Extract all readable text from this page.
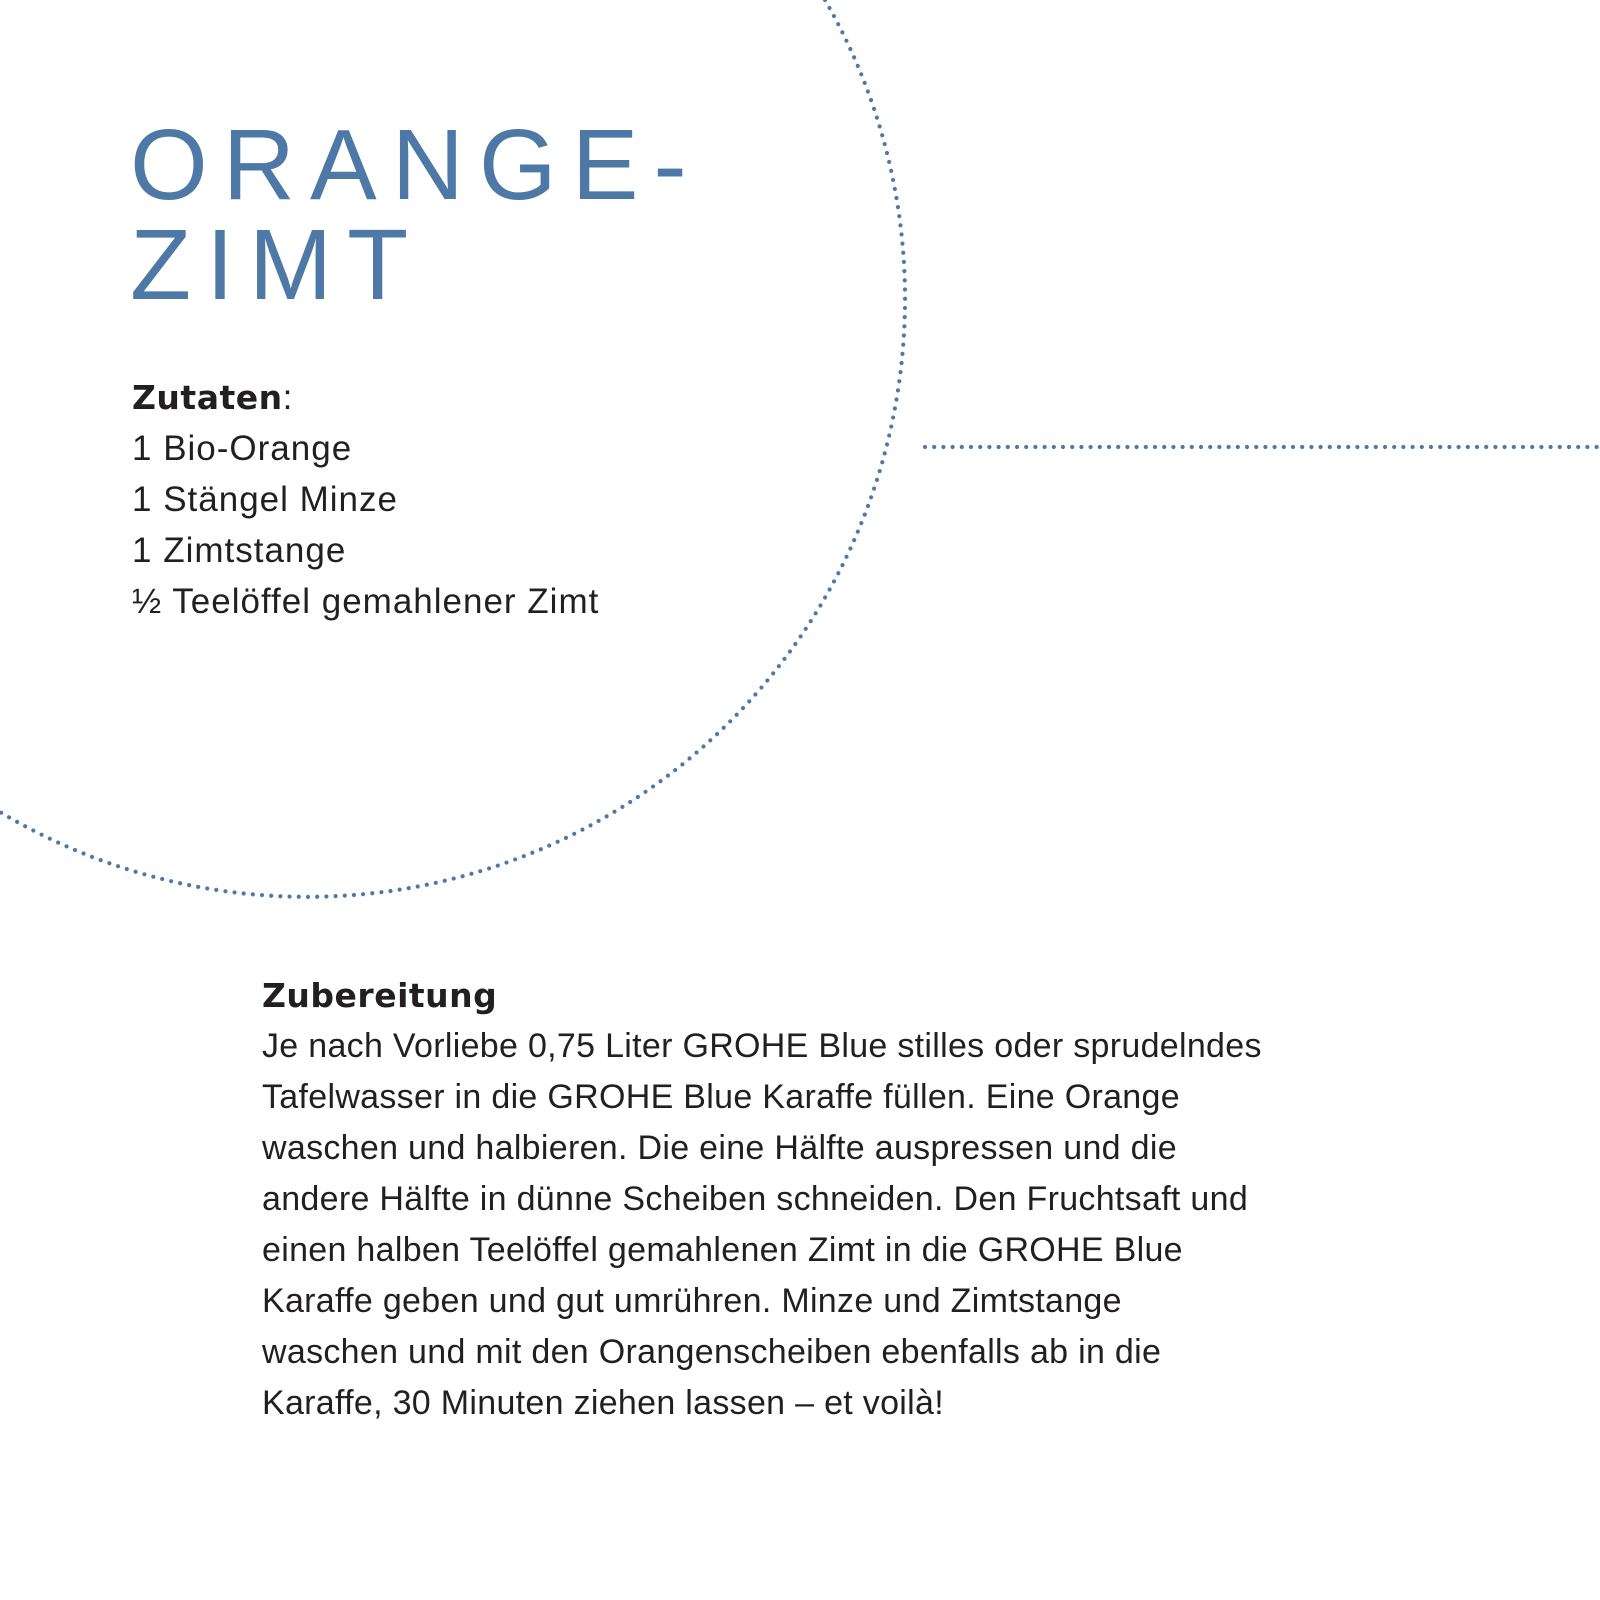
ORANGE-
ZIMT
Zutaten:
1 Bio-Orange
1 Stängel Minze
1 Zimtstange
½ Teelöffel gemahlener Zimt
Zubereitung
Je nach Vorliebe 0,75 Liter GROHE Blue stilles oder sprudelndes
Tafelwasser in die GROHE Blue Karaffe füllen. Eine Orange
waschen und halbieren. Die eine Hälfte auspressen und die
andere Hälfte in dünne Scheiben schneiden. Den Fruchtsaft und
einen halben Teelöffel gemahlenen Zimt in die GROHE Blue
Karaffe geben und gut umrühren. Minze und Zimtstange
waschen und mit den Orangenscheiben ebenfalls ab in die
Karaffe, 30 Minuten ziehen lassen – et voilà!
